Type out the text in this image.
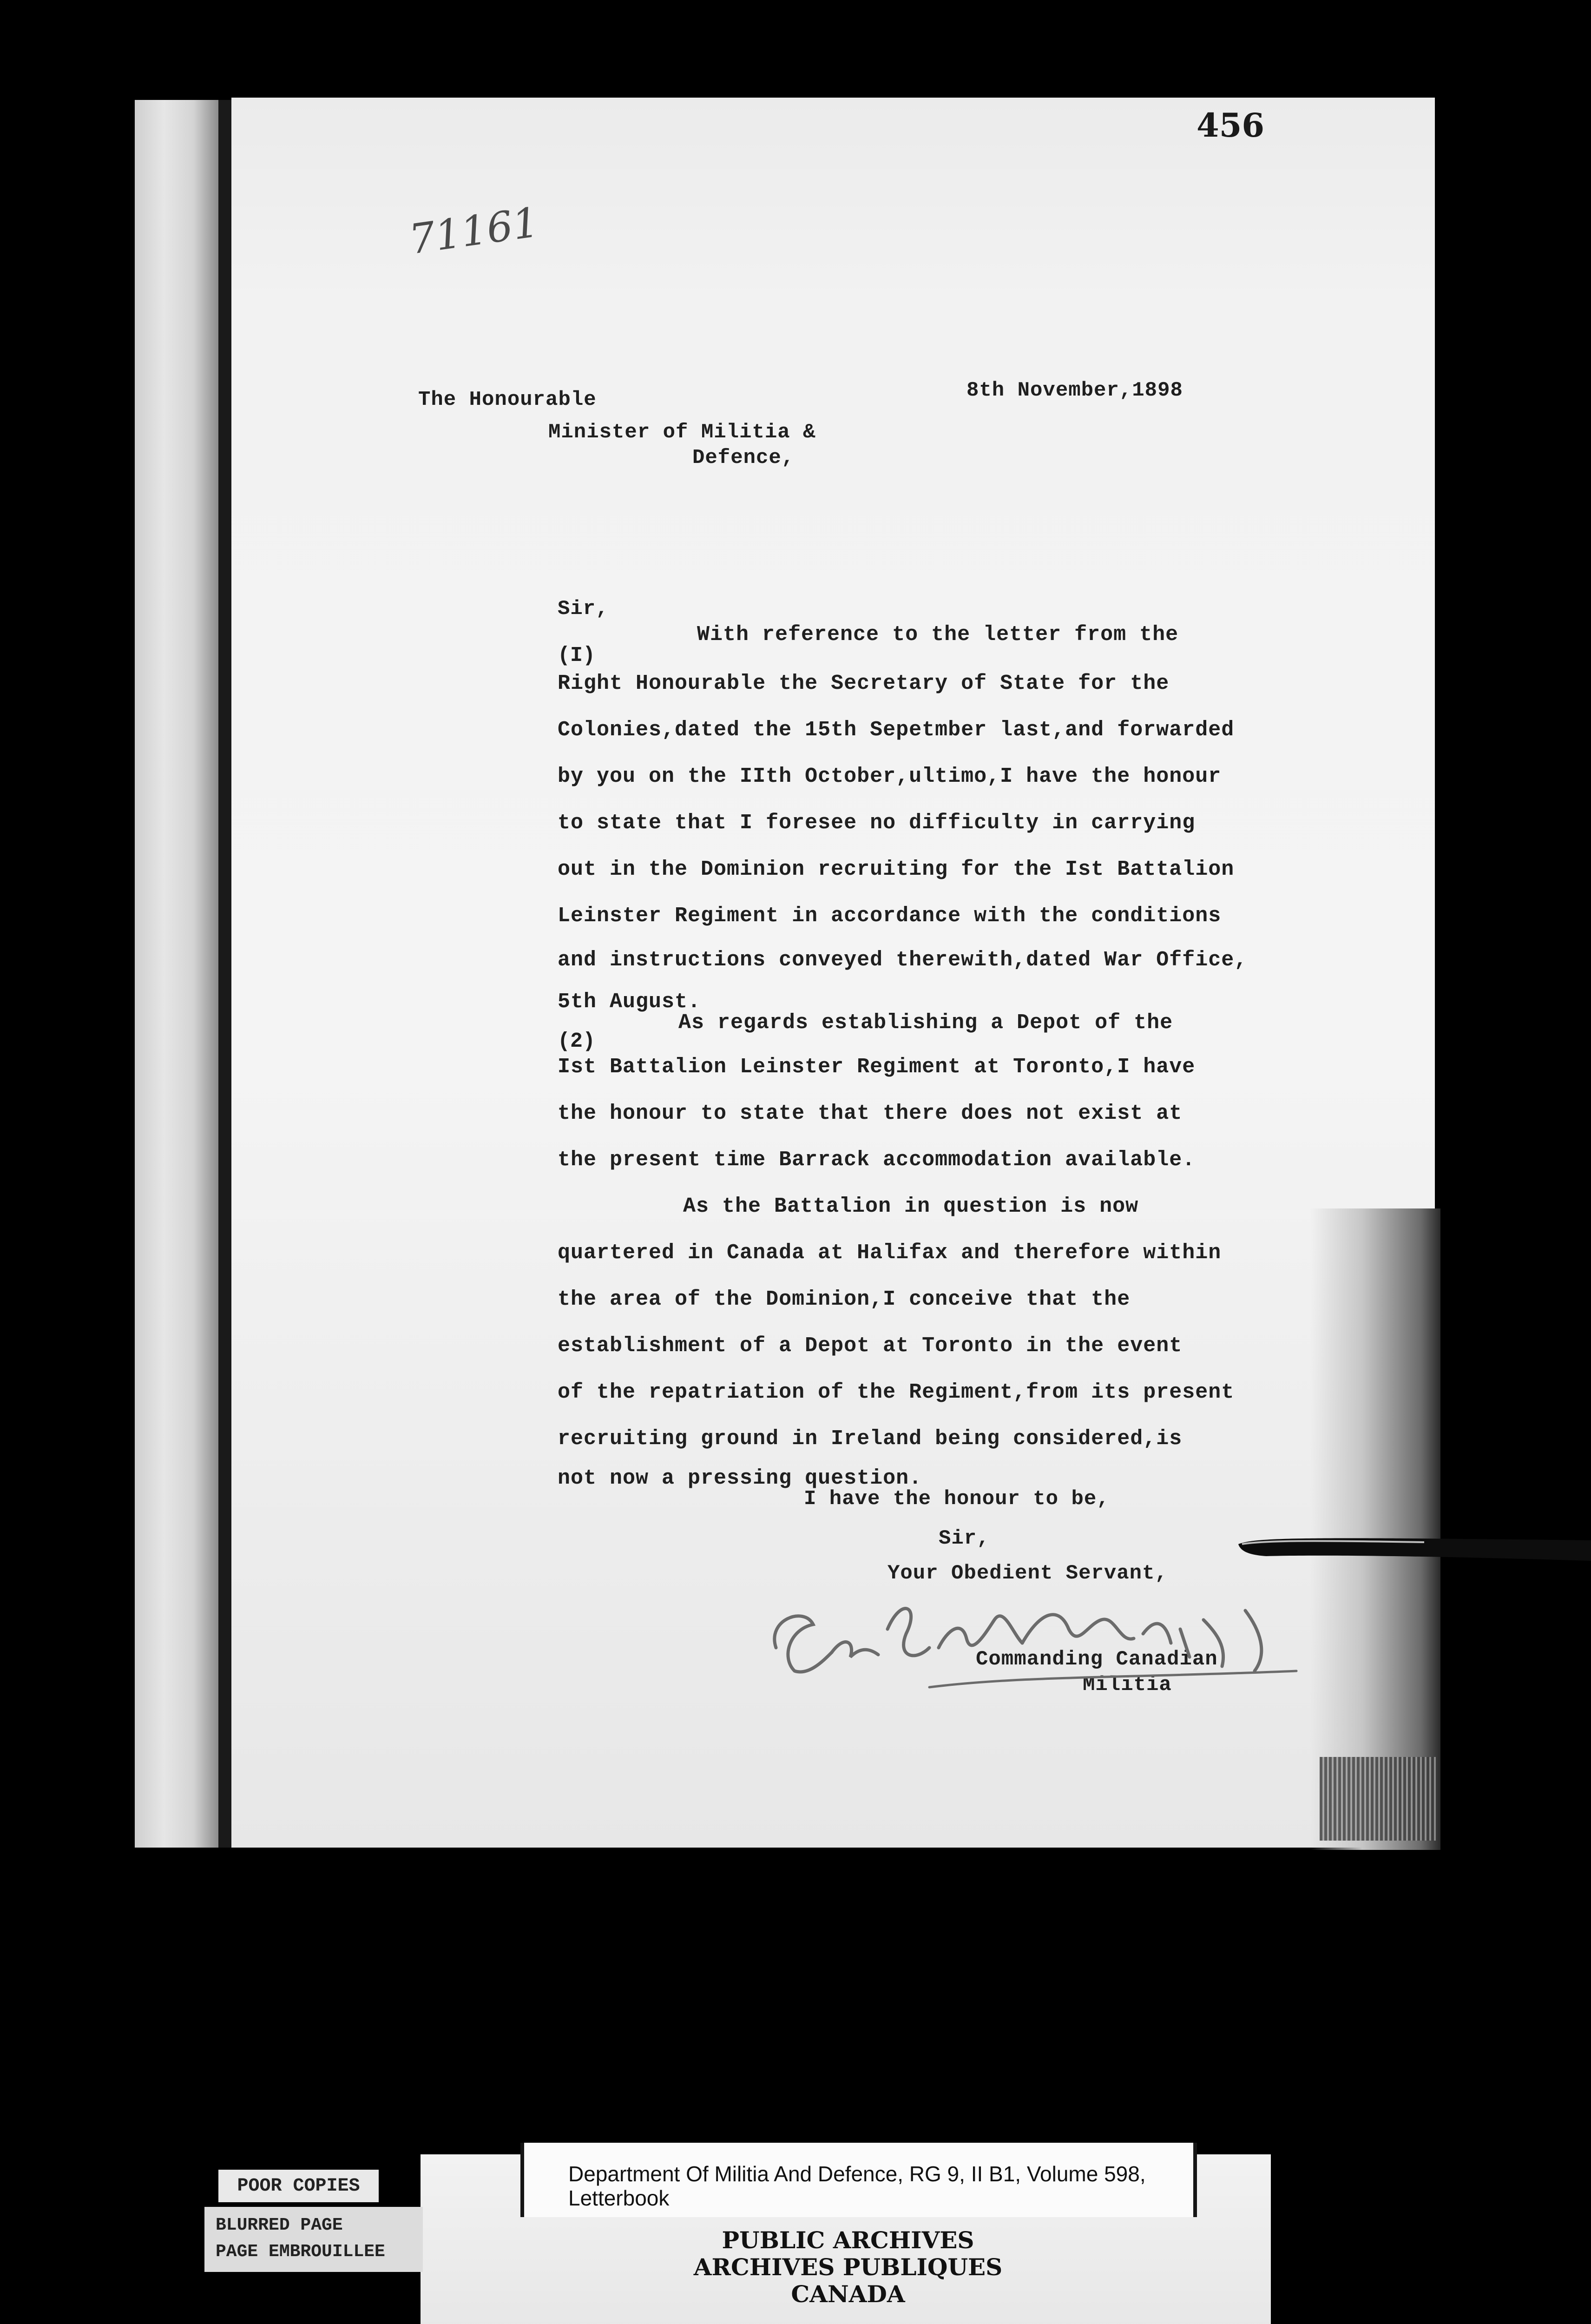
456
71161
The Honourable	8th November,1898
Minister of Militia &
Defence,
Sir,
(I)
(2)
With reference to the letter from the
Right Honourable the Secretary of State for the
Colonies,dated the 15th Sepetmber last,and forwarded
by you on the IIth October,ultimo,I have the honour
to state that I foresee no difficulty in carrying
out in the Dominion recruiting for the Ist Battalion
Leinster Regiment in accordance with the conditions
and instructions conveyed therewith,dated War Office,
5th August.
As regards establishing a Depot of the
Ist Battalion Leinster Regiment at Toronto,I have
the honour to state that there does not exist at
the present time Barrack accommodation available.
As the Battalion in question is now
quartered in Canada at Halifax and therefore within
the area of the Dominion,I conceive that the
establishment of a Depot at Toronto in the event
of the repatriation of the Regiment,from its present
recruiting ground in Ireland being considered,is
not now a pressing question.
I have the honour to be,
Sir,
Your Obedient Servant,
Commanding Canadian
Militia
POOR COPIES
BLURRED PAGE
PAGE EMBROUILLEE
Department Of Militia And Defence, RG 9, II B1, Volume 598,
Letterbook
PUBLIC ARCHIVES
ARCHIVES PUBLIQUES
CANADA
